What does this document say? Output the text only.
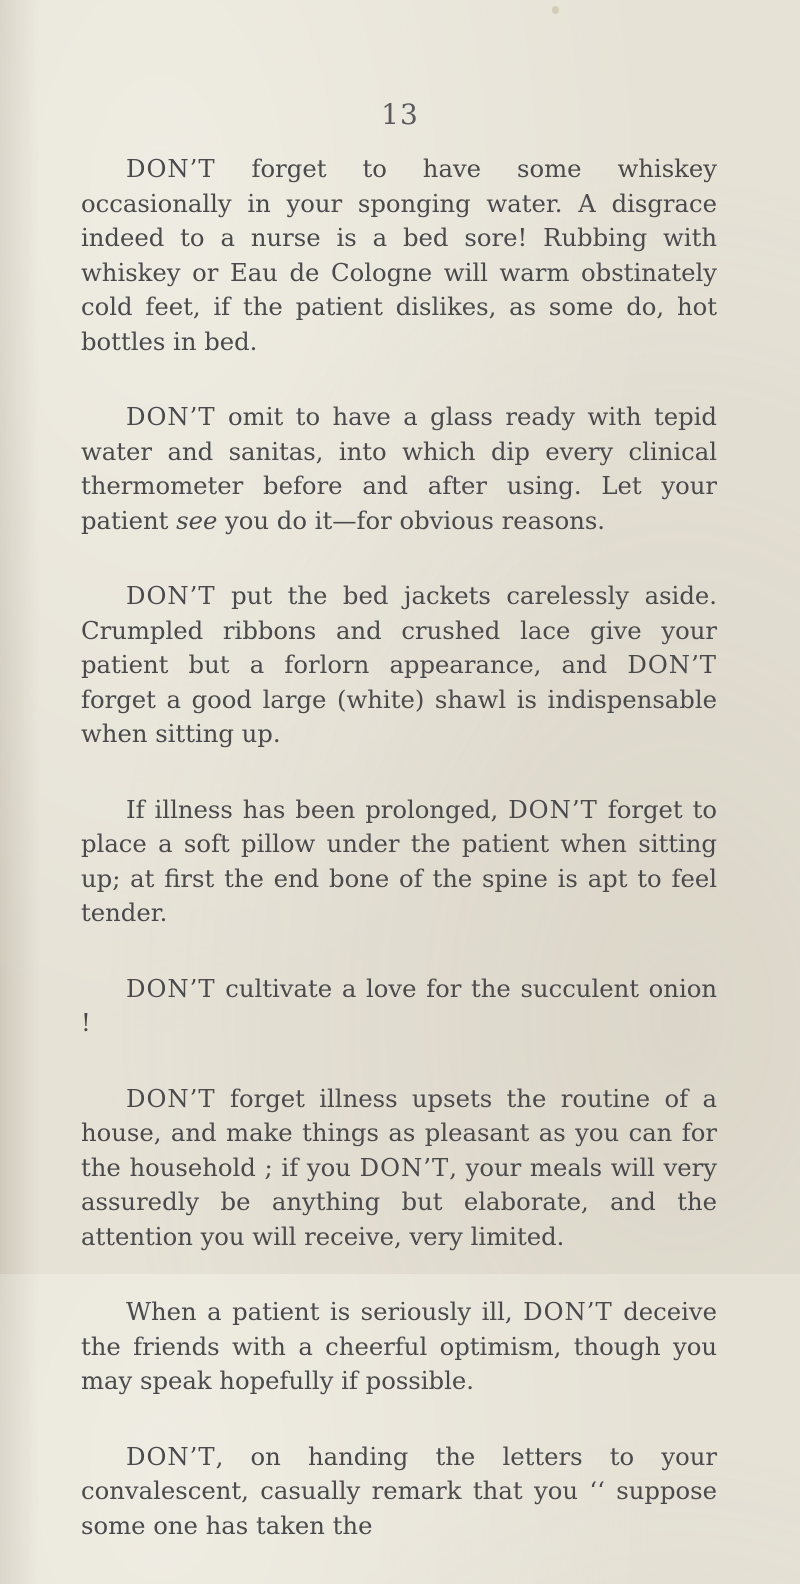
13

DON’T forget to have some whiskey occasionally in your sponging water. A disgrace indeed to a nurse is a bed sore! Rubbing with whiskey or Eau de Cologne will warm obstinately cold feet, if the patient dislikes, as some do, hot bottles in bed.

DON’T omit to have a glass ready with tepid water and sanitas, into which dip every clinical thermometer before and after using. Let your patient see you do it—for obvious reasons.

DON’T put the bed jackets carelessly aside. Crumpled ribbons and crushed lace give your patient but a forlorn appearance, and DON’T forget a good large (white) shawl is indispensable when sitting up.

If illness has been prolonged, DON’T forget to place a soft pillow under the patient when sitting up; at first the end bone of the spine is apt to feel tender.

DON’T cultivate a love for the succulent onion !

DON’T forget illness upsets the routine of a house, and make things as pleasant as you can for the household ; if you DON’T, your meals will very assuredly be anything but elaborate, and the attention you will receive, very limited.

When a patient is seriously ill, DON’T deceive the friends with a cheerful optimism, though you may speak hopefully if possible.

DON’T, on handing the letters to your convalescent, casually remark that you ‘‘ suppose some one has taken the
